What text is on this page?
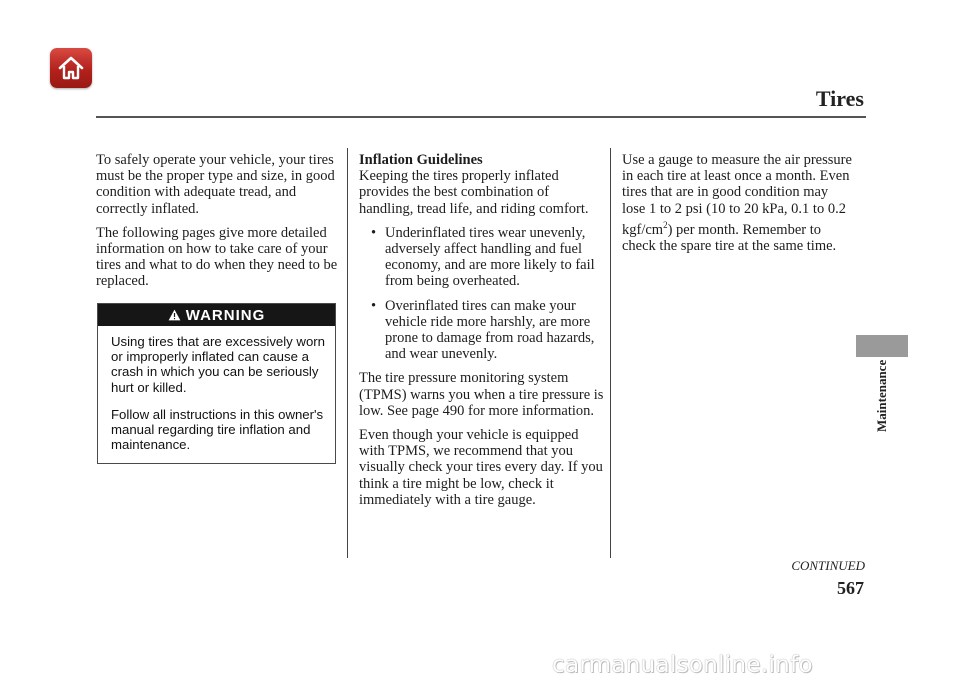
Tires

To safely operate your vehicle, your tires must be the proper type and size, in good condition with adequate tread, and correctly inflated.

The following pages give more detailed information on how to take care of your tires and what to do when they need to be replaced.

WARNING

Using tires that are excessively worn or improperly inflated can cause a crash in which you can be seriously hurt or killed.

Follow all instructions in this owner's manual regarding tire inflation and maintenance.

Inflation Guidelines

Keeping the tires properly inflated provides the best combination of handling, tread life, and riding comfort.

• Underinflated tires wear unevenly, adversely affect handling and fuel economy, and are more likely to fail from being overheated.
• Overinflated tires can make your vehicle ride more harshly, are more prone to damage from road hazards, and wear unevenly.

The tire pressure monitoring system (TPMS) warns you when a tire pressure is low. See page 490 for more information.

Even though your vehicle is equipped with TPMS, we recommend that you visually check your tires every day. If you think a tire might be low, check it immediately with a tire gauge.

Use a gauge to measure the air pressure in each tire at least once a month. Even tires that are in good condition may lose 1 to 2 psi (10 to 20 kPa, 0.1 to 0.2 kgf/$cm^2$) per month. Remember to check the spare tire at the same time.

Maintenance
CONTINUED
567
carmanualsonline.info
